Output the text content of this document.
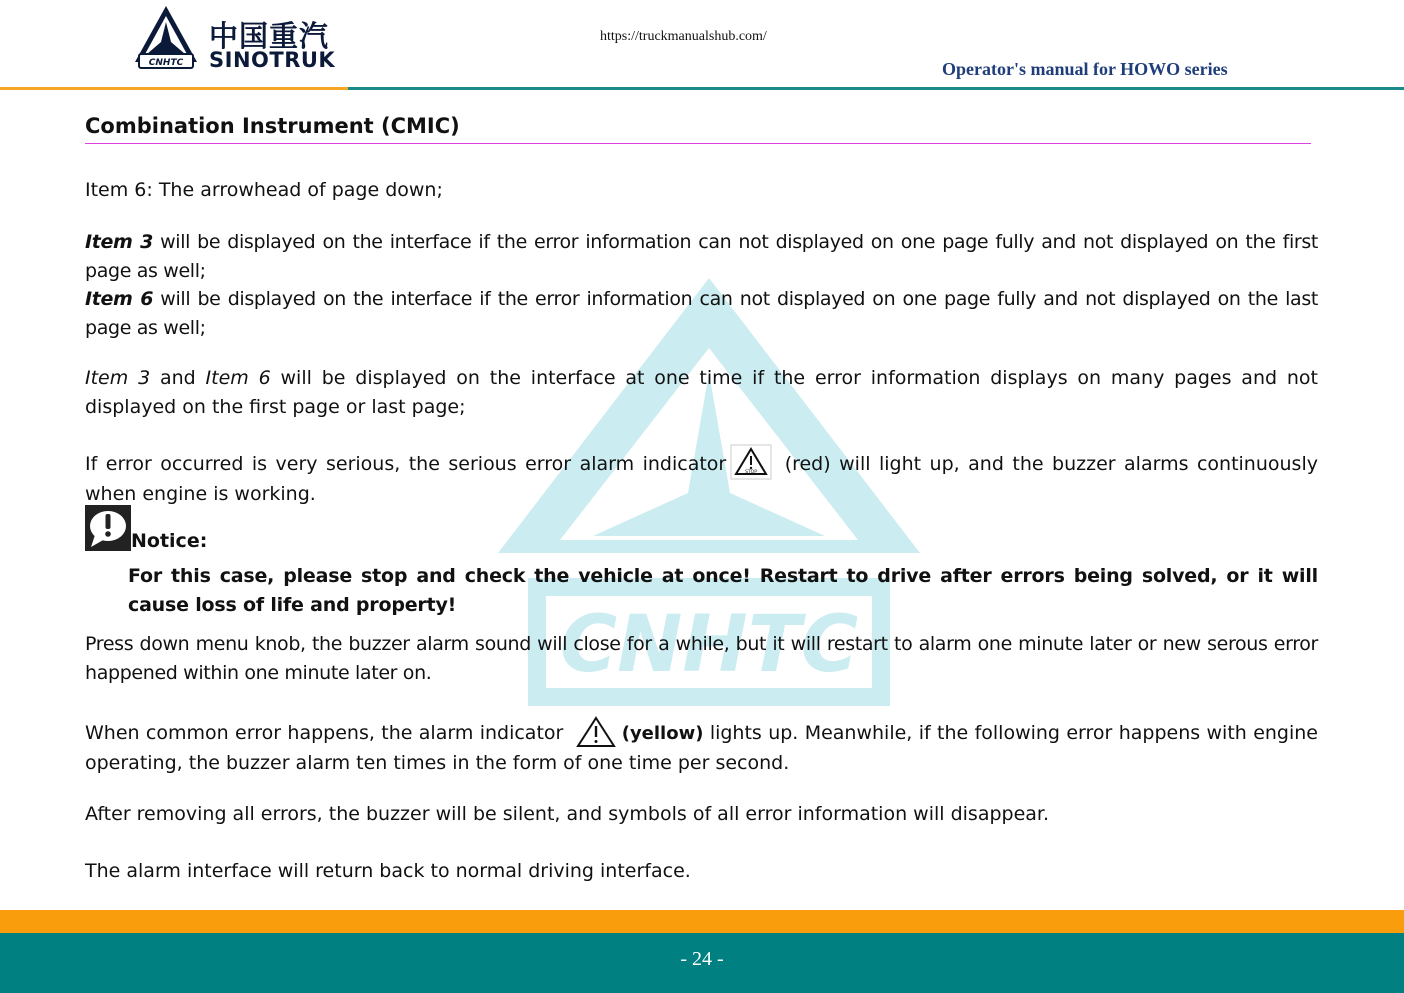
CNHTC
中国重汽
SINOTRUK
https://truckmanualshub.com/
Operator's manual for HOWO series
CNHTC
Combination Instrument (CMIC)
Item 6: The arrowhead of page down;
Item 3 will be displayed on the interface if the error information can not displayed on one page fully and not displayed on the first page as well;
Item 6 will be displayed on the interface if the error information can not displayed on one page fully and not displayed on the last page as well;
Item 3 and Item 6 will be displayed on the interface at one time if the error information displays on many pages and not displayed on the first page or last page;
If error occurred is very serious, the serious error alarm indicator	STOP (red) will light up, and the buzzer alarms continuously when engine is working.
Notice:
For this case, please stop and check the vehicle at once! Restart to drive after errors being solved, or it will cause loss of life and property!
Press down menu knob, the buzzer alarm sound will close for a while, but it will restart to alarm one minute later or new serous error happened within one minute later on.
When common error happens, the alarm indicator	(yellow) lights up. Meanwhile, if the following error happens with engine operating, the buzzer alarm ten times in the form of one time per second.
After removing all errors, the buzzer will be silent, and symbols of all error information will disappear.
The alarm interface will return back to normal driving interface.
- 24 -
